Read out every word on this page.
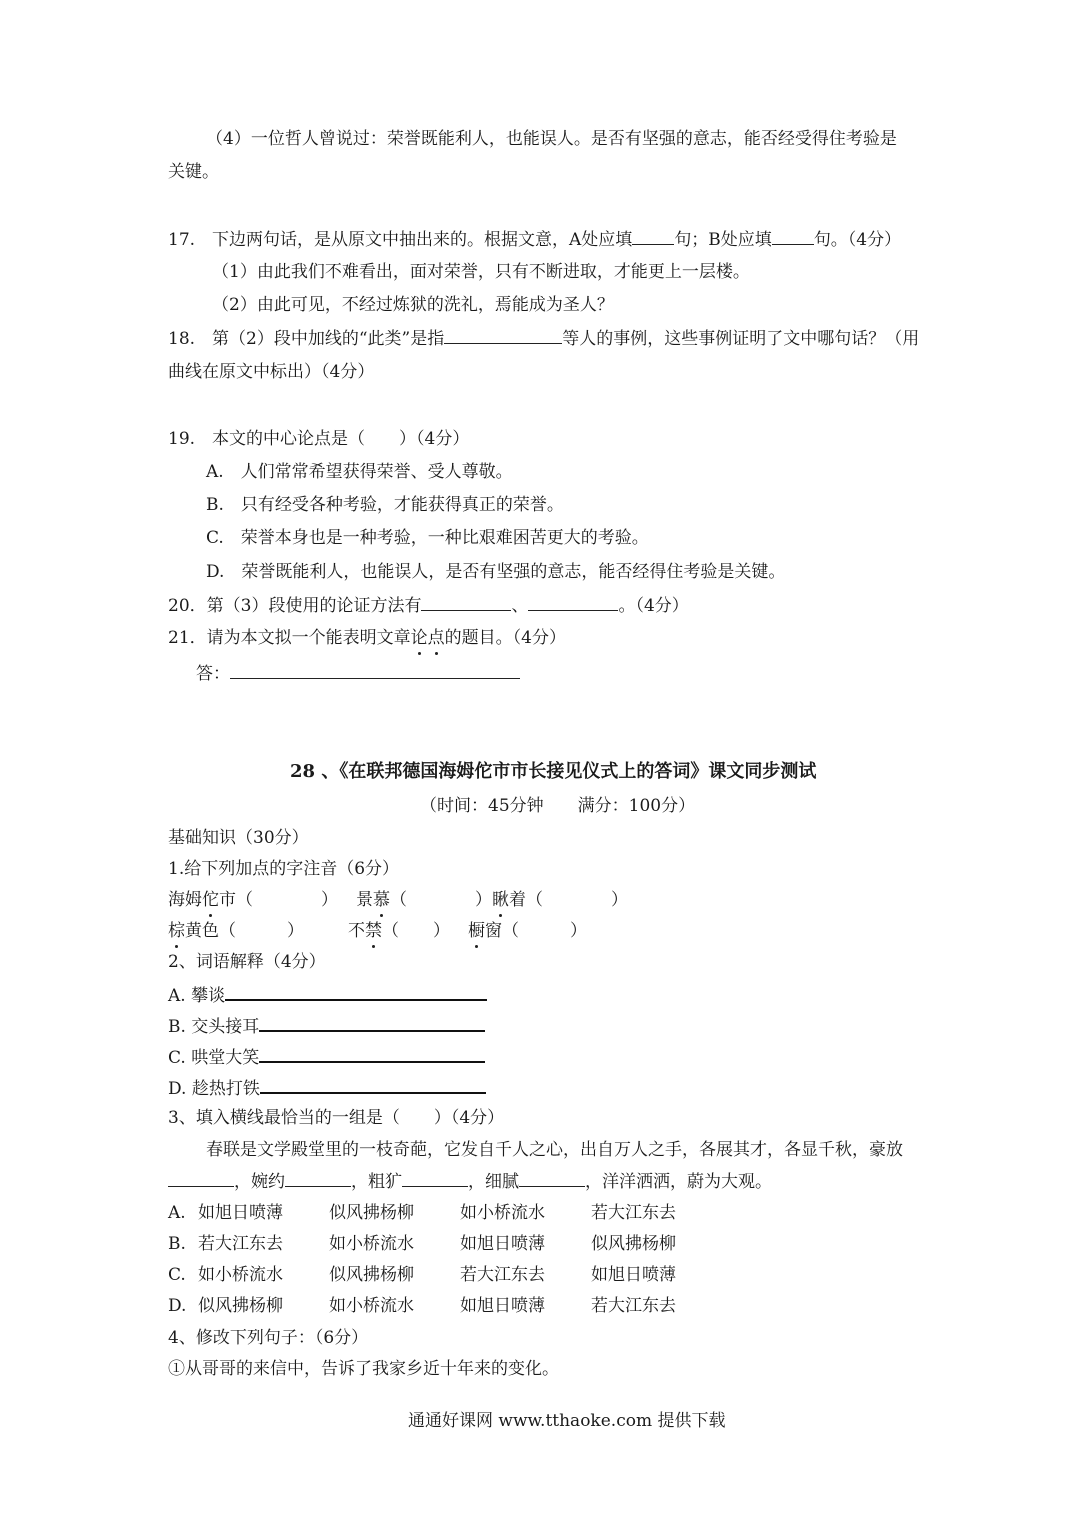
（4）一位哲人曾说过：荣誉既能利人，也能误人。是否有坚强的意志，能否经受得住考验是
关键。
17.　下边两句话，是从原文中抽出来的。根据文意，A处应填 句；B处应填 句。（4分）
（1）由此我们不难看出，面对荣誉，只有不断进取，才能更上一层楼。
（2）由此可见，不经过炼狱的洗礼，焉能成为圣人？
18.　第（2）段中加线的“此类”是指	等人的事例，这些事例证明了文中哪句话？（用
曲线在原文中标出）（4分）
19.　本文的中心论点是（　　）（4分）
A.　人们常常希望获得荣誉、受人尊敬。
B.　只有经受各种考验，才能获得真正的荣誉。
C.　荣誉本身也是一种考验，一种比艰难困苦更大的考验。
D.　荣誉既能利人，也能误人，是否有坚强的意志，能否经得住考验是关键。
20．第（3）段使用的论证方法有	、	。（4分）
21．请为本文拟一个能表明文章论点的题目。（4分）
答：
28 、《在联邦德国海姆佗市市长接见仪式上的答词》课文同步测试
（时间：45分钟　　满分：100分）
基础知识（30分）
1.给下列加点的字注音（6分）
海姆佗市（　　　　） 景慕（　　　　）瞅着（　　　　）
棕黄色（　　　）	不禁（　　） 橱窗（　　　）
2、词语解释（4分）
A. 攀谈
B. 交头接耳
C. 哄堂大笑
D. 趁热打铁
3、填入横线最恰当的一组是（　　）（4分）
春联是文学殿堂里的一枝奇葩，它发自千人之心，出自万人之手，各展其才，各显千秋，豪放
，婉约	，粗犷	，细腻	，洋洋洒洒，蔚为大观。
A. 如旭日喷薄	似风拂杨柳	如小桥流水	若大江东去
B. 若大江东去	如小桥流水	如旭日喷薄	似风拂杨柳
C. 如小桥流水	似风拂杨柳	若大江东去	如旭日喷薄
D. 似风拂杨柳	如小桥流水	如旭日喷薄	若大江东去
4、修改下列句子：（6分）
①从哥哥的来信中，告诉了我家乡近十年来的变化。
通通好课网 www.tthaoke.com 提供下载
